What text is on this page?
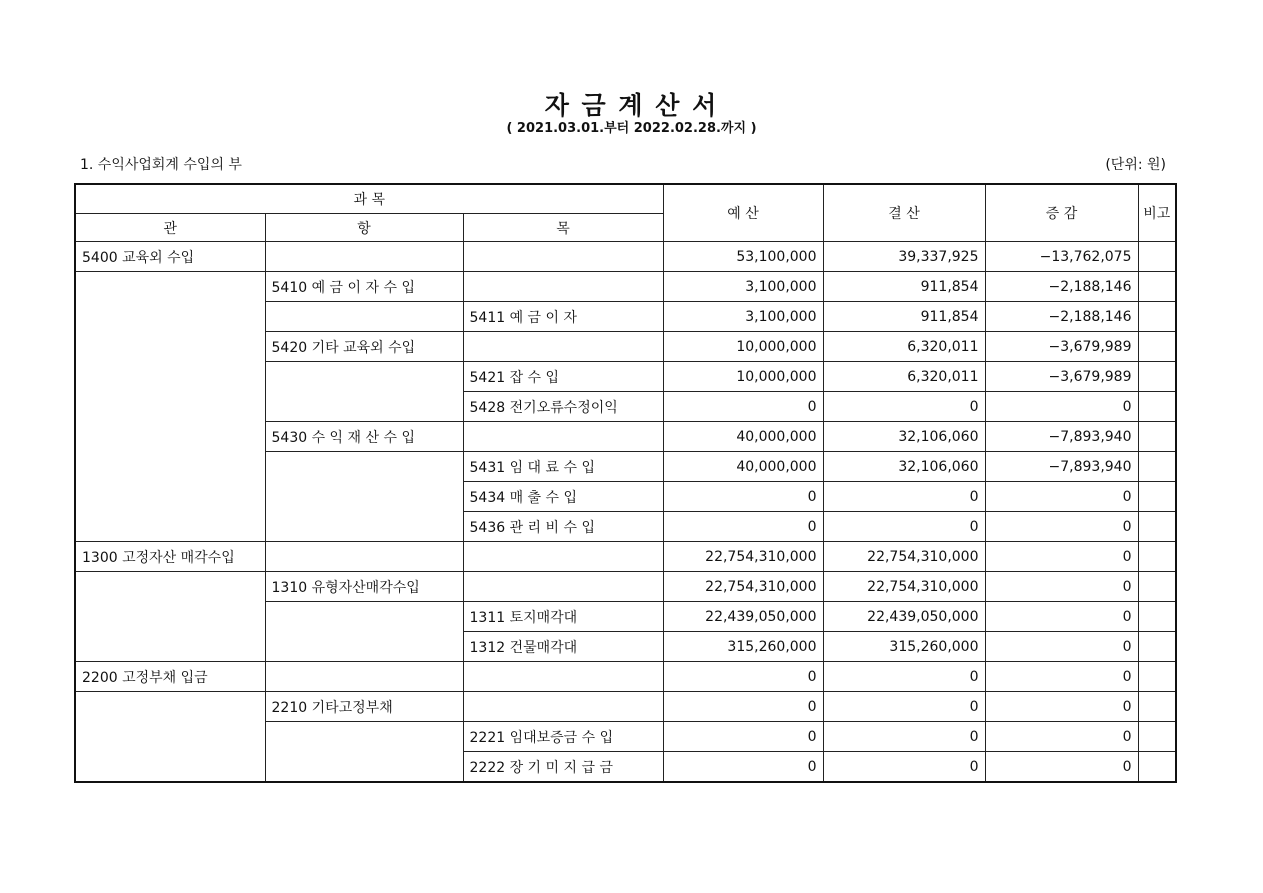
자 금 계 산 서
( 2021.03.01.부터 2022.02.28.까지 )
1. 수익사업회계 수입의 부	(단위: 원)
과 목			예 산	결 산	증 감	비고
관	항	목				
5400 교육외 수입			53,100,000	39,337,925	−13,762,075	
	5410 예 금 이 자 수 입		3,100,000	911,854	−2,188,146	
		5411 예 금 이 자	3,100,000	911,854	−2,188,146	
	5420 기타 교육외 수입		10,000,000	6,320,011	−3,679,989	
		5421 잡 수 입	10,000,000	6,320,011	−3,679,989	
		5428 전기오류수정이익	0	0	0	
	5430 수 익 재 산 수 입		40,000,000	32,106,060	−7,893,940	
		5431 임 대 료 수 입	40,000,000	32,106,060	−7,893,940	
		5434 매 출 수 입	0	0	0	
		5436 관 리 비 수 입	0	0	0	
1300 고정자산 매각수입			22,754,310,000	22,754,310,000	0	
	1310 유형자산매각수입		22,754,310,000	22,754,310,000	0	
		1311 토지매각대	22,439,050,000	22,439,050,000	0	
		1312 건물매각대	315,260,000	315,260,000	0	
2200 고정부채 입금			0	0	0	
	2210 기타고정부채		0	0	0	
		2221 임대보증금 수 입	0	0	0	
		2222 장 기 미 지 급 금	0	0	0	
